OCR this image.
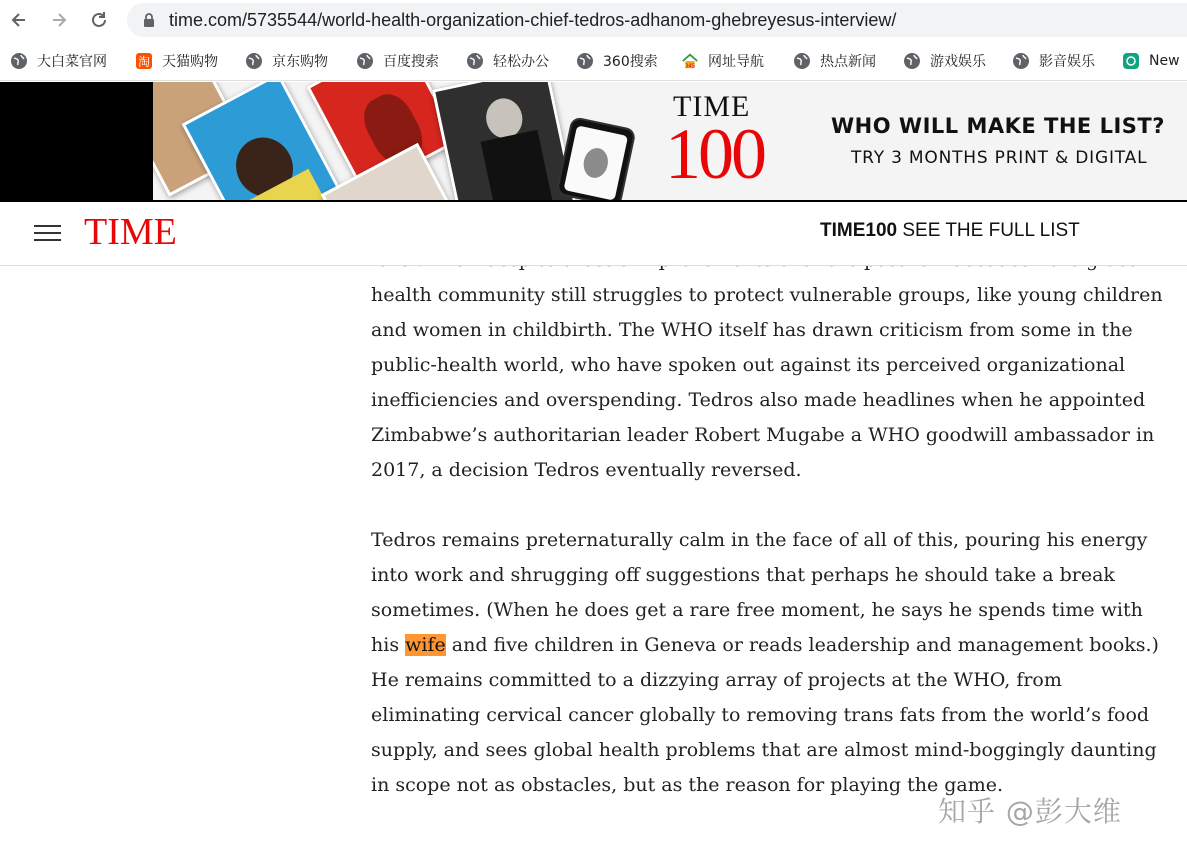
time.com/5735544/world-health-organization-chief-tedros-adhanom-ghebreyesus-interview/
大白菜官网	淘 天猫购物	京东购物	百度搜索	轻松办公	360搜索	345 网址导航	热点新闻	游戏娱乐	影音娱乐	New
TIME
100	WHO WILL MAKE THE LIST?
TRY 3 MONTHS PRINT & DIGITAL
TIME	TIME100 SEE THE FULL LIST

health community still struggles to protect vulnerable groups, like young children and women in childbirth. The WHO itself has drawn criticism from some in the public-health world, who have spoken out against its perceived organizational inefficiencies and overspending. Tedros also made headlines when he appointed Zimbabwe’s authoritarian leader Robert Mugabe a WHO goodwill ambassador in 2017, a decision Tedros eventually reversed.

Tedros remains preternaturally calm in the face of all of this, pouring his energy into work and shrugging off suggestions that perhaps he should take a break sometimes. (When he does get a rare free moment, he says he spends time with his wife and five children in Geneva or reads leadership and management books.) He remains committed to a dizzying array of projects at the WHO, from eliminating cervical cancer globally to removing trans fats from the world’s food supply, and sees global health problems that are almost mind-boggingly daunting in scope not as obstacles, but as the reason for playing the game.

知乎 @彭大维
